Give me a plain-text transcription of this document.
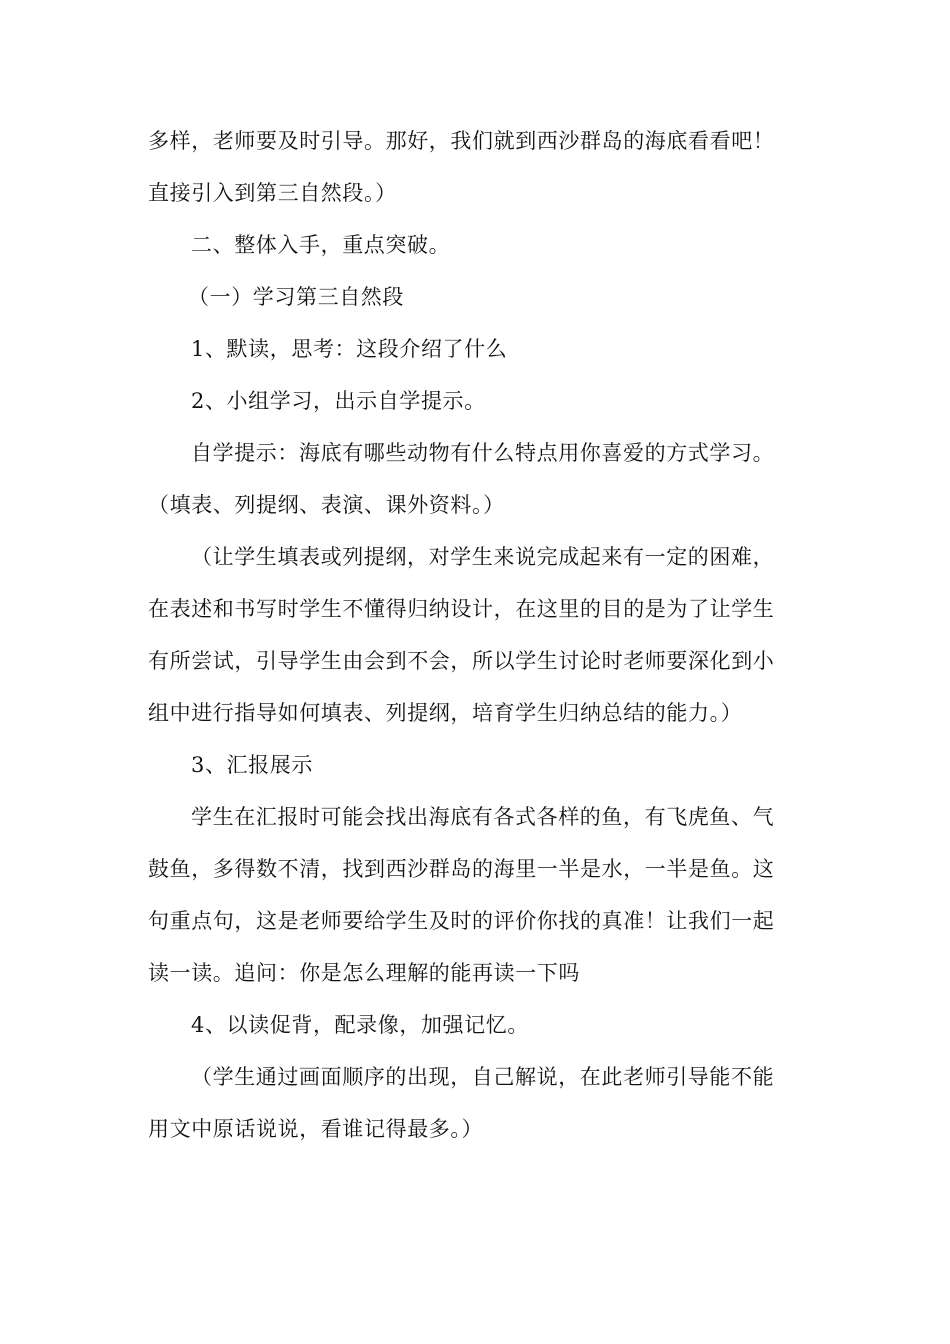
多样，老师要及时引导。那好，我们就到西沙群岛的海底看看吧！

直接引入到第三自然段。）

二、整体入手，重点突破。

（一）学习第三自然段

1、默读，思考：这段介绍了什么

2、小组学习，出示自学提示。

自学提示：海底有哪些动物有什么特点用你喜爱的方式学习。

（填表、列提纲、表演、课外资料。）

（让学生填表或列提纲，对学生来说完成起来有一定的困难，

在表述和书写时学生不懂得归纳设计，在这里的目的是为了让学生

有所尝试，引导学生由会到不会，所以学生讨论时老师要深化到小

组中进行指导如何填表、列提纲，培育学生归纳总结的能力。）

3、汇报展示

学生在汇报时可能会找出海底有各式各样的鱼，有飞虎鱼、气

鼓鱼，多得数不清，找到西沙群岛的海里一半是水，一半是鱼。这

句重点句，这是老师要给学生及时的评价你找的真准！让我们一起

读一读。追问：你是怎么理解的能再读一下吗

4、以读促背，配录像，加强记忆。

（学生通过画面顺序的出现，自己解说，在此老师引导能不能

用文中原话说说，看谁记得最多。）
